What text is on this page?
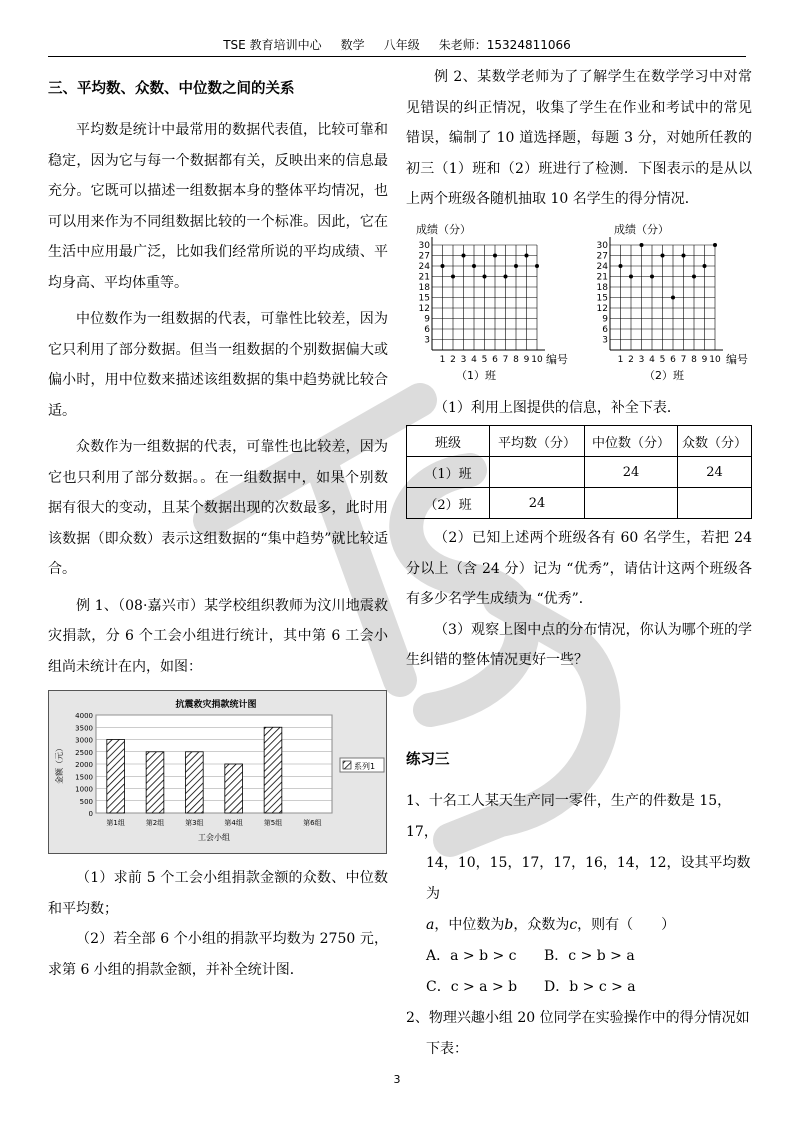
TSE 教育培训中心     数学     八年级     朱老师：15324811066

三、平均数、众数、中位数之间的关系

平均数是统计中最常用的数据代表值，比较可靠和稳定，因为它与每一个数据都有关，反映出来的信息最充分。它既可以描述一组数据本身的整体平均情况，也可以用来作为不同组数据比较的一个标准。因此，它在生活中应用最广泛，比如我们经常所说的平均成绩、平均身高、平均体重等。

中位数作为一组数据的代表，可靠性比较差，因为它只利用了部分数据。但当一组数据的个别数据偏大或偏小时，用中位数来描述该组数据的集中趋势就比较合适。

众数作为一组数据的代表，可靠性也比较差，因为它也只利用了部分数据。。在一组数据中，如果个别数据有很大的变动，且某个数据出现的次数最多，此时用该数据（即众数）表示这组数据的“集中趋势”就比较适合。

例 1、（08·嘉兴市）某学校组织教师为汶川地震救灾捐款，分 6 个工会小组进行统计，其中第 6 工会小组尚未统计在内，如图：

抗震救灾捐款统计图
金额（元）
工会小组
第1组	第2组	第3组	第4组	第5组	第6组
0
500
1000
1500
2000
2500
3000
3500
4000
系列1

（1）求前 5 个工会小组捐款金额的众数、中位数和平均数；

（2）若全部 6 个小组的捐款平均数为 2750 元，求第 6 小组的捐款金额，并补全统计图．

例 2、某数学老师为了了解学生在数学学习中对常见错误的纠正情况，收集了学生在作业和考试中的常见错误，编制了 10 道选择题，每题 3 分，对她所任教的初三（1）班和（2）班进行了检测．下图表示的是从以上两个班级各随机抽取 10 名学生的得分情况．

成绩（分）
编号
（1）班
3
6
9
12
15
18
21
24
27
30
1 2 3 4 5 6 7 8 9 10
成绩（分）
编号
（2）班
3
6
9
12
15
18
21
24
27
30
1 2 3 4 5 6 7 8 9 10

（1）利用上图提供的信息，补全下表．

班级	平均数（分）	中位数（分）	众数（分）
（1）班		24	24
（2）班	24		

（2）已知上述两个班级各有 60 名学生，若把 24 分以上（含 24 分）记为 “优秀”，请估计这两个班级各有多少名学生成绩为 “优秀”．

（3）观察上图中点的分布情况，你认为哪个班的学生纠错的整体情况更好一些？

练习三

1、十名工人某天生产同一零件，生产的件数是 15，17，

14，10，15，17，17，16，14，12，设其平均数为

a，中位数为b，众数为c，则有（　　）

A．a > b > c B．c > b > a

C．c > a > b D．b > c > a

2、物理兴趣小组 20 位同学在实验操作中的得分情况如

下表：

3
